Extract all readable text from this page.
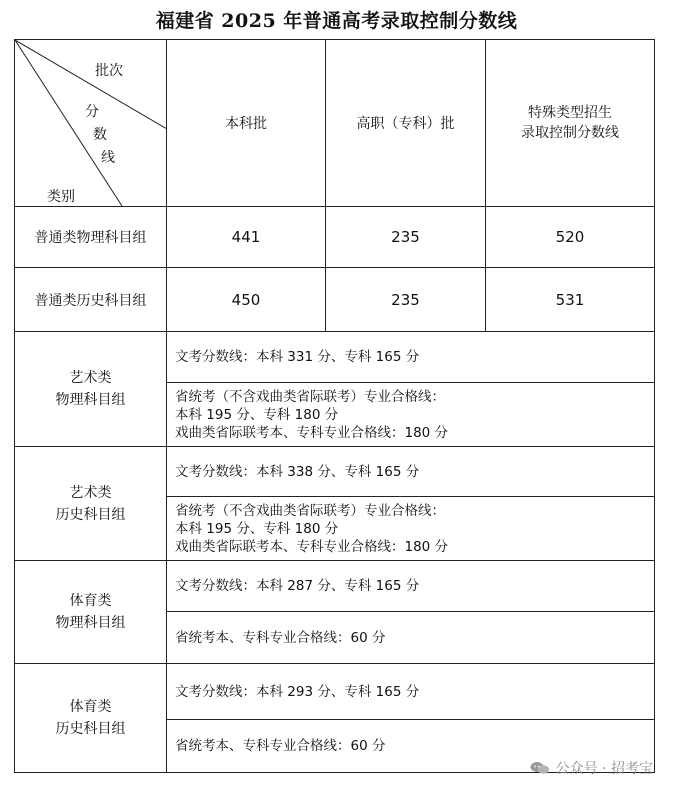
福建省 2025 年普通高考录取控制分数线
批次
分
数
线
类别	本科批	高职（专科）批	特殊类型招生
录取控制分数线
普通类物理科目组	441	235	520
普通类历史科目组	450	235	531

艺术类
物理科目组	文考分数线：本科 331 分、专科 165 分		

	省统考（不含戏曲类省际联考）专业合格线：
本科 195 分、专科 180 分
戏曲类省际联考本、专科专业合格线：180 分		

艺术类
历史科目组	文考分数线：本科 338 分、专科 165 分		

	省统考（不含戏曲类省际联考）专业合格线：
本科 195 分、专科 180 分
戏曲类省际联考本、专科专业合格线：180 分		

体育类
物理科目组	文考分数线：本科 287 分、专科 165 分		
	省统考本、专科专业合格线：60 分		

体育类
历史科目组	文考分数线：本科 293 分、专科 165 分		
	省统考本、专科专业合格线：60 分		
公众号 · 招考宝
